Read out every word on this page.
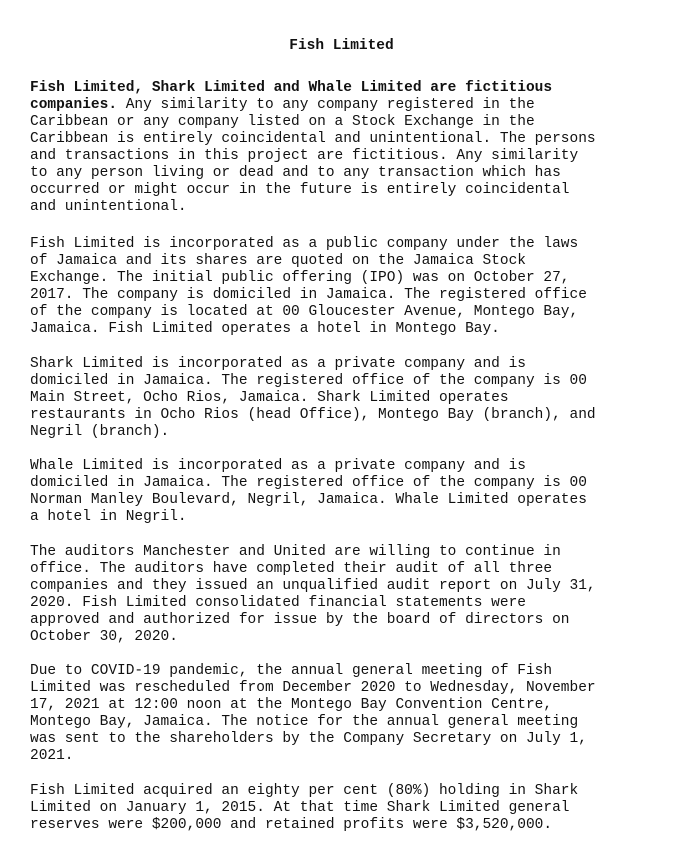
Fish Limited

Fish Limited, Shark Limited and Whale Limited are fictitious
companies. Any similarity to any company registered in the
Caribbean or any company listed on a Stock Exchange in the
Caribbean is entirely coincidental and unintentional. The persons
and transactions in this project are fictitious. Any similarity
to any person living or dead and to any transaction which has
occurred or might occur in the future is entirely coincidental
and unintentional.

Fish Limited is incorporated as a public company under the laws
of Jamaica and its shares are quoted on the Jamaica Stock
Exchange. The initial public offering (IPO) was on October 27,
2017. The company is domiciled in Jamaica. The registered office
of the company is located at 00 Gloucester Avenue, Montego Bay,
Jamaica. Fish Limited operates a hotel in Montego Bay.

Shark Limited is incorporated as a private company and is
domiciled in Jamaica. The registered office of the company is 00
Main Street, Ocho Rios, Jamaica. Shark Limited operates
restaurants in Ocho Rios (head Office), Montego Bay (branch), and
Negril (branch).

Whale Limited is incorporated as a private company and is
domiciled in Jamaica. The registered office of the company is 00
Norman Manley Boulevard, Negril, Jamaica. Whale Limited operates
a hotel in Negril.

The auditors Manchester and United are willing to continue in
office. The auditors have completed their audit of all three
companies and they issued an unqualified audit report on July 31,
2020. Fish Limited consolidated financial statements were
approved and authorized for issue by the board of directors on
October 30, 2020.

Due to COVID-19 pandemic, the annual general meeting of Fish
Limited was rescheduled from December 2020 to Wednesday, November
17, 2021 at 12:00 noon at the Montego Bay Convention Centre,
Montego Bay, Jamaica. The notice for the annual general meeting
was sent to the shareholders by the Company Secretary on July 1,
2021.

Fish Limited acquired an eighty per cent (80%) holding in Shark
Limited on January 1, 2015. At that time Shark Limited general
reserves were $200,000 and retained profits were $3,520,000.
